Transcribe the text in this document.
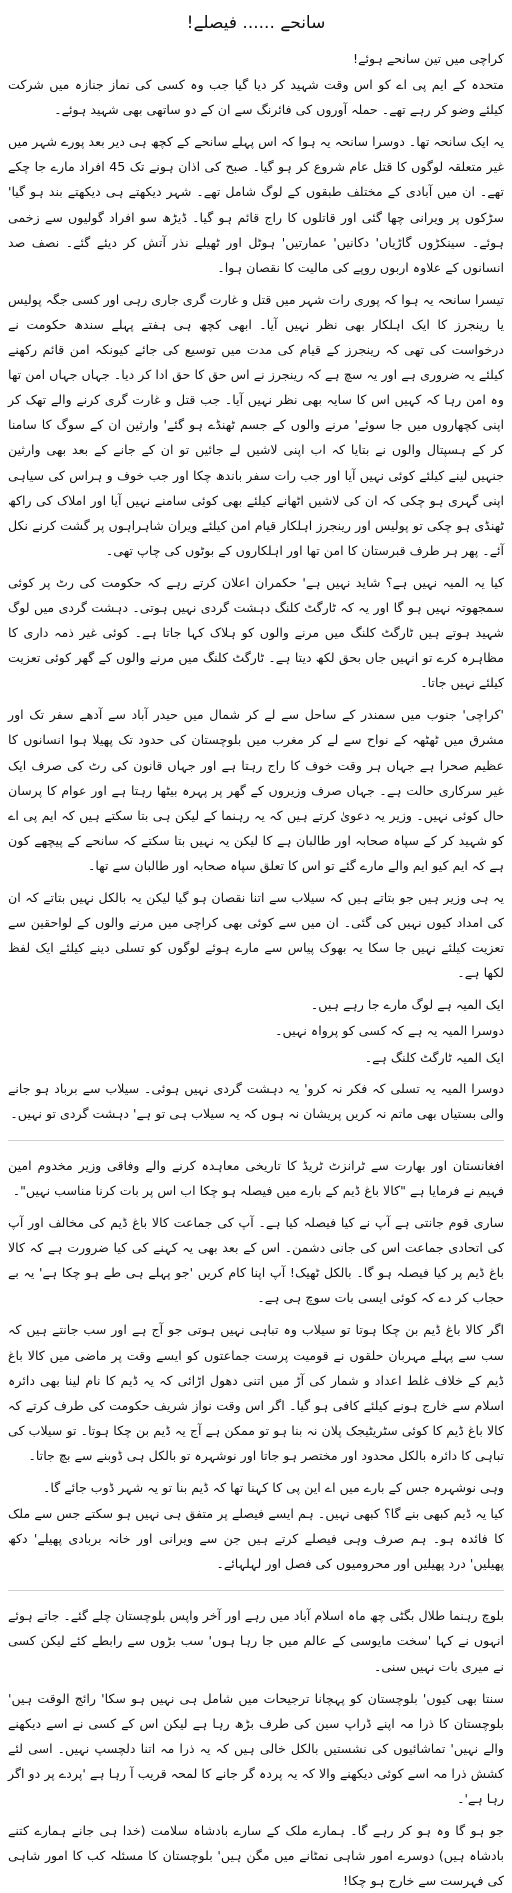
سانحے ...... فیصلے!

کراچی میں تین سانحے ہوئے!

متحدہ کے ایم پی اے کو اس وقت شہید کر دیا گیا جب وہ کسی کی نماز جنازہ میں شرکت کیلئے وضو کر رہے تھے۔ حملہ آوروں کی فائرنگ سے ان کے دو ساتھی بھی شہید ہوئے۔

یہ ایک سانحہ تھا۔ دوسرا سانحہ یہ ہوا کہ اس پہلے سانحے کے کچھ ہی دیر بعد پورے شہر میں غیر متعلقہ لوگوں کا قتل عام شروع کر ہو گیا۔ صبح کی اذان ہونے تک 45 افراد مارے جا چکے تھے۔ ان میں آبادی کے مختلف طبقوں کے لوگ شامل تھے۔ شہر دیکھتے ہی دیکھتے بند ہو گیا' سڑکوں پر ویرانی چھا گئی اور قاتلوں کا راج قائم ہو گیا۔ ڈیڑھ سو افراد گولیوں سے زخمی ہوئے۔ سینکڑوں گاڑیاں' دکانیں' عمارتیں' ہوٹل اور ٹھیلے نذر آتش کر دیئے گئے۔ نصف صد انسانوں کے علاوہ اربوں روپے کی مالیت کا نقصان ہوا۔

تیسرا سانحہ یہ ہوا کہ پوری رات شہر میں قتل و غارت گری جاری رہی اور کسی جگہ پولیس یا رینجرز کا ایک اہلکار بھی نظر نہیں آیا۔ ابھی کچھ ہی ہفتے پہلے سندھ حکومت نے درخواست کی تھی کہ رینجرز کے قیام کی مدت میں توسیع کی جائے کیونکہ امن قائم رکھنے کیلئے یہ ضروری ہے اور یہ سچ ہے کہ رینجرز نے اس حق کا حق ادا کر دیا۔ جہاں جہاں امن تھا وہ امن رہا کہ کہیں اس کا سایہ بھی نظر نہیں آیا۔ جب قتل و غارت گری کرنے والے تھک کر اپنی کچھاروں میں جا سوئے' مرنے والوں کے جسم ٹھنڈے ہو گئے' وارثین ان کے سوگ کا سامنا کر کے ہسپتال والوں نے بتایا کہ اب اپنی لاشیں لے جائیں تو ان کے جانے کے بعد بھی وارثین جنہیں لینے کیلئے کوئی نہیں آیا اور جب رات سفر باندھ چکا اور جب خوف و ہراس کی سیاہی اپنی گہری ہو چکی کہ ان کی لاشیں اٹھانے کیلئے بھی کوئی سامنے نہیں آیا اور املاک کی راکھ ٹھنڈی ہو چکی تو پولیس اور رینجرز اہلکار قیام امن کیلئے ویران شاہراہوں پر گشت کرنے نکل آئے۔ پھر ہر طرف قبرستان کا امن تھا اور اہلکاروں کے بوٹوں کی چاپ تھی۔

کیا یہ المیہ نہیں ہے؟ شاید نہیں ہے' حکمران اعلان کرتے رہے کہ حکومت کی رٹ پر کوئی سمجھوتہ نہیں ہو گا اور یہ کہ ٹارگٹ کلنگ دہشت گردی نہیں ہوتی۔ دہشت گردی میں لوگ شہید ہوتے ہیں ٹارگٹ کلنگ میں مرنے والوں کو ہلاک کہا جاتا ہے۔ کوئی غیر ذمہ داری کا مظاہرہ کرے تو انہیں جاں بحق لکھ دیتا ہے۔ ٹارگٹ کلنگ میں مرنے والوں کے گھر کوئی تعزیت کیلئے نہیں جاتا۔

'کراچی' جنوب میں سمندر کے ساحل سے لے کر شمال میں حیدر آباد سے آدھے سفر تک اور مشرق میں ٹھٹھہ کے نواح سے لے کر مغرب میں بلوچستان کی حدود تک پھیلا ہوا انسانوں کا عظیم صحرا ہے جہاں ہر وقت خوف کا راج رہتا ہے اور جہاں قانون کی رٹ کی صرف ایک غیر سرکاری حالت ہے۔ جہاں صرف وزیروں کے گھر پر پہرہ بیٹھا رہتا ہے اور عوام کا پرسان حال کوئی نہیں۔ وزیر یہ دعویٰ کرتے ہیں کہ یہ رہنما کے لیکن ہی بتا سکتے ہیں کہ ایم پی اے کو شہید کر کے سپاہ صحابہ اور طالبان ہے کا لیکن یہ نہیں بتا سکتے کہ سانحے کے پیچھے کون ہے کہ ایم کیو ایم والے مارے گئے تو اس کا تعلق سپاہ صحابہ اور طالبان سے تھا۔

یہ ہی وزیر ہیں جو بتاتے ہیں کہ سیلاب سے اتنا نقصان ہو گیا لیکن یہ بالکل نہیں بتاتے کہ ان کی امداد کیوں نہیں کی گئی۔ ان میں سے کوئی بھی کراچی میں مرنے والوں کے لواحقین سے تعزیت کیلئے نہیں جا سکا یہ بھوک پیاس سے مارے ہوئے لوگوں کو تسلی دینے کیلئے ایک لفظ لکھا ہے۔

ایک المیہ ہے لوگ مارے جا رہے ہیں۔

دوسرا المیہ یہ ہے کہ کسی کو پرواہ نہیں۔

ایک المیہ ٹارگٹ کلنگ ہے۔

دوسرا المیہ یہ تسلی کہ فکر نہ کرو' یہ دہشت گردی نہیں ہوئی۔ سیلاب سے برباد ہو جانے والی بستیاں بھی ماتم نہ کریں پریشان نہ ہوں کہ یہ سیلاب ہی تو ہے' دہشت گردی تو نہیں۔

افغانستان اور بھارت سے ٹرانزٹ ٹریڈ کا تاریخی معاہدہ کرنے والے وفاقی وزیر مخدوم امین فہیم نے فرمایا ہے "کالا باغ ڈیم کے بارے میں فیصلہ ہو چکا اب اس پر بات کرنا مناسب نہیں"۔

ساری قوم جانتی ہے آپ نے کیا فیصلہ کیا ہے۔ آپ کی جماعت کالا باغ ڈیم کی مخالف اور آپ کی اتحادی جماعت اس کی جانی دشمن۔ اس کے بعد بھی یہ کہنے کی کیا ضرورت ہے کہ کالا باغ ڈیم پر کیا فیصلہ ہو گا۔ بالکل ٹھیک! آپ اپنا کام کریں 'جو پہلے ہی طے ہو چکا ہے' یہ بے حجاب کر دے کہ کوئی ایسی بات سوچ ہی ہے۔

اگر کالا باغ ڈیم بن چکا ہوتا تو سیلاب وہ تباہی نہیں ہوتی جو آج ہے اور سب جانتے ہیں کہ سب سے پہلے مہربان حلقوں نے قومیت پرست جماعتوں کو ایسے وقت پر ماضی میں کالا باغ ڈیم کے خلاف غلط اعداد و شمار کی آڑ میں اتنی دھول اڑائی کہ یہ ڈیم کا نام لینا بھی دائرہ اسلام سے خارج ہونے کیلئے کافی ہو گیا۔ اگر اس وقت نواز شریف حکومت کی طرف کرتے کہ کالا باغ ڈیم کا کوئی سٹریٹیجک پلان نہ بنا ہو تو ممکن ہے آج یہ ڈیم بن چکا ہوتا۔ تو سیلاب کی تباہی کا دائرہ بالکل محدود اور مختصر ہو جاتا اور نوشہرہ تو بالکل ہی ڈوبنے سے بچ جاتا۔

وہی نوشہرہ جس کے بارے میں اے این پی کا کہنا تھا کہ ڈیم بنا تو یہ شہر ڈوب جائے گا۔

کیا یہ ڈیم کبھی بنے گا؟ کبھی نہیں۔ ہم ایسے فیصلے پر متفق ہی نہیں ہو سکتے جس سے ملک کا فائدہ ہو۔ ہم صرف وہی فیصلے کرتے ہیں جن سے ویرانی اور خانہ بربادی پھیلے' دکھ پھیلیں' درد پھیلیں اور محرومیوں کی فصل اور لہلہائے۔

بلوچ رہنما طلال بگٹی چھ ماہ اسلام آباد میں رہے اور آخر واپس بلوچستان چلے گئے۔ جاتے ہوئے انہوں نے کہا 'سخت مایوسی کے عالم میں جا رہا ہوں' سب بڑوں سے رابطے کئے لیکن کسی نے میری بات نہیں سنی۔

سنتا بھی کیوں' بلوچستان کو پہچانا ترجیحات میں شامل ہی نہیں ہو سکا' رائج الوقت ہیں' بلوچستان کا ذرا مہ اپنے ڈراپ سین کی طرف بڑھ رہا ہے لیکن اس کے کسی نے اسے دیکھنے والے نہیں' تماشائیوں کی نشستیں بالکل خالی ہیں کہ یہ ذرا مہ اتنا دلچسپ نہیں۔ اسی لئے کشش ذرا مہ اسے کوئی دیکھنے والا کہ یہ پردہ گر جانے کا لمحہ قریب آ رہا ہے 'پردے پر دو اگر رہا ہے'۔

جو ہو گا وہ ہو کر رہے گا۔ ہمارے ملک کے سارے بادشاہ سلامت (خدا ہی جانے ہمارے کتنے بادشاہ ہیں) دوسرے امور شاہی نمٹانے میں مگن ہیں' بلوچستان کا مسئلہ کب کا امور شاہی کی فہرست سے خارج ہو چکا!
